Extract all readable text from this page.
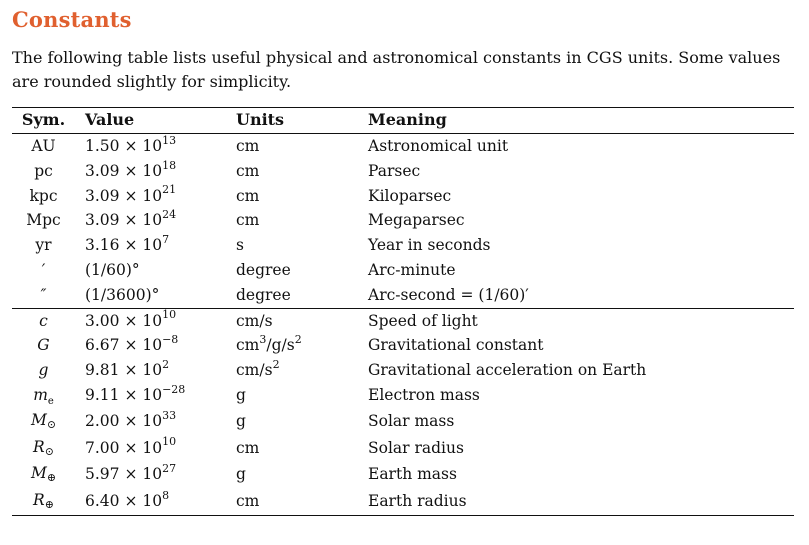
Constants

The following table lists useful physical and astronomical constants in CGS units. Some values are rounded slightly for simplicity.

Sym.	Value	Units	Meaning
AU	$1.50 \times 10^{13}$	cm	Astronomical unit
pc	$3.09 \times 10^{18}$	cm	Parsec
kpc	$3.09 \times 10^{21}$	cm	Kiloparsec
Mpc	$3.09 \times 10^{24}$	cm	Megaparsec
yr	$3.16 \times 10^7$	s	Year in seconds
′	(1/60)°	degree	Arc-minute
″	(1/3600)°	degree	Arc-second = (1/60)′
c	$3.00 \times 10^{10}$	cm/s	Speed of light
G	$6.67 \times 10^{-8}$	$cm^3/g/s^2$	Gravitational constant
g	$9.81 \times 10^2$	$cm/s^2$	Gravitational acceleration on Earth
$m_e$	$9.11 \times 10^{-28}$	g	Electron mass
M⊙	$2.00 \times 10^{33}$	g	Solar mass
R⊙	$7.00 \times 10^{10}$	cm	Solar radius
M⊕	$5.97 \times 10^{27}$	g	Earth mass
R⊕	$6.40 \times 10^8$	cm	Earth radius
